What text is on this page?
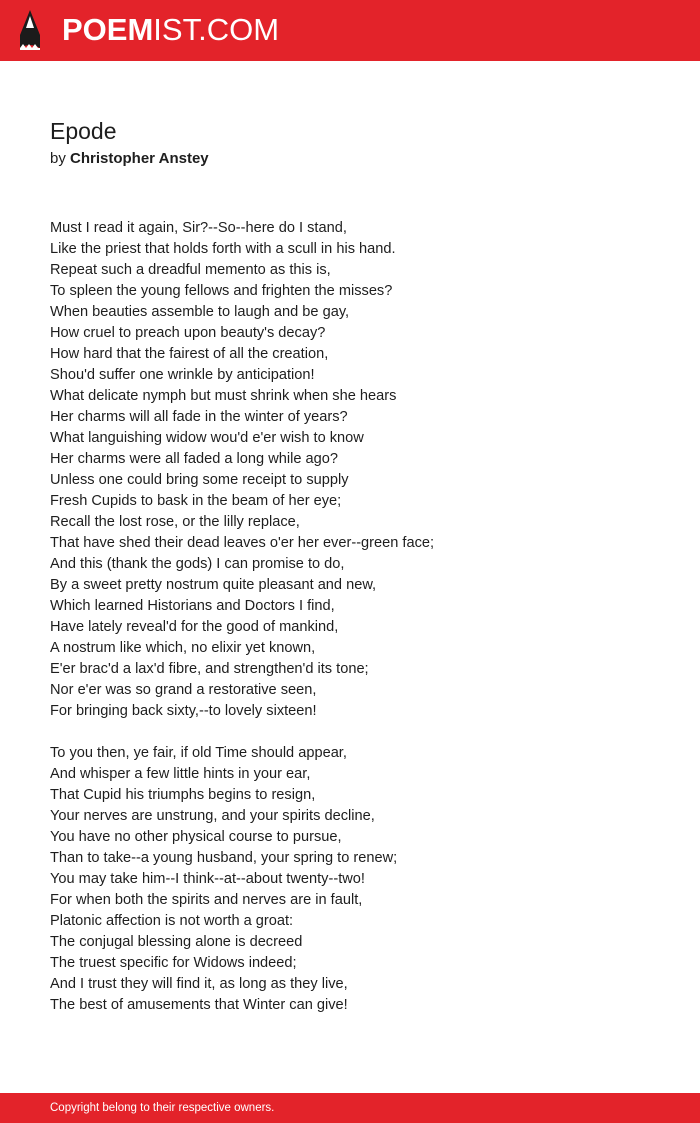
POEMIST.COM
Epode
by Christopher Anstey
Must I read it again, Sir?--So--here do I stand,
Like the priest that holds forth with a scull in his hand.
Repeat such a dreadful memento as this is,
To spleen the young fellows and frighten the misses?
When beauties assemble to laugh and be gay,
How cruel to preach upon beauty's decay?
How hard that the fairest of all the creation,
Shou'd suffer one wrinkle by anticipation!
What delicate nymph but must shrink when she hears
Her charms will all fade in the winter of years?
What languishing widow wou'd e'er wish to know
Her charms were all faded a long while ago?
Unless one could bring some receipt to supply
Fresh Cupids to bask in the beam of her eye;
Recall the lost rose, or the lilly replace,
That have shed their dead leaves o'er her ever--green face;
And this (thank the gods) I can promise to do,
By a sweet pretty nostrum quite pleasant and new,
Which learned Historians and Doctors I find,
Have lately reveal'd for the good of mankind,
A nostrum like which, no elixir yet known,
E'er brac'd a lax'd fibre, and strengthen'd its tone;
Nor e'er was so grand a restorative seen,
For bringing back sixty,--to lovely sixteen!
To you then, ye fair, if old Time should appear,
And whisper a few little hints in your ear,
That Cupid his triumphs begins to resign,
Your nerves are unstrung, and your spirits decline,
You have no other physical course to pursue,
Than to take--a young husband, your spring to renew;
You may take him--I think--at--about twenty--two!
For when both the spirits and nerves are in fault,
Platonic affection is not worth a groat:
The conjugal blessing alone is decreed
The truest specific for Widows indeed;
And I trust they will find it, as long as they live,
The best of amusements that Winter can give!
Copyright belong to their respective owners.
